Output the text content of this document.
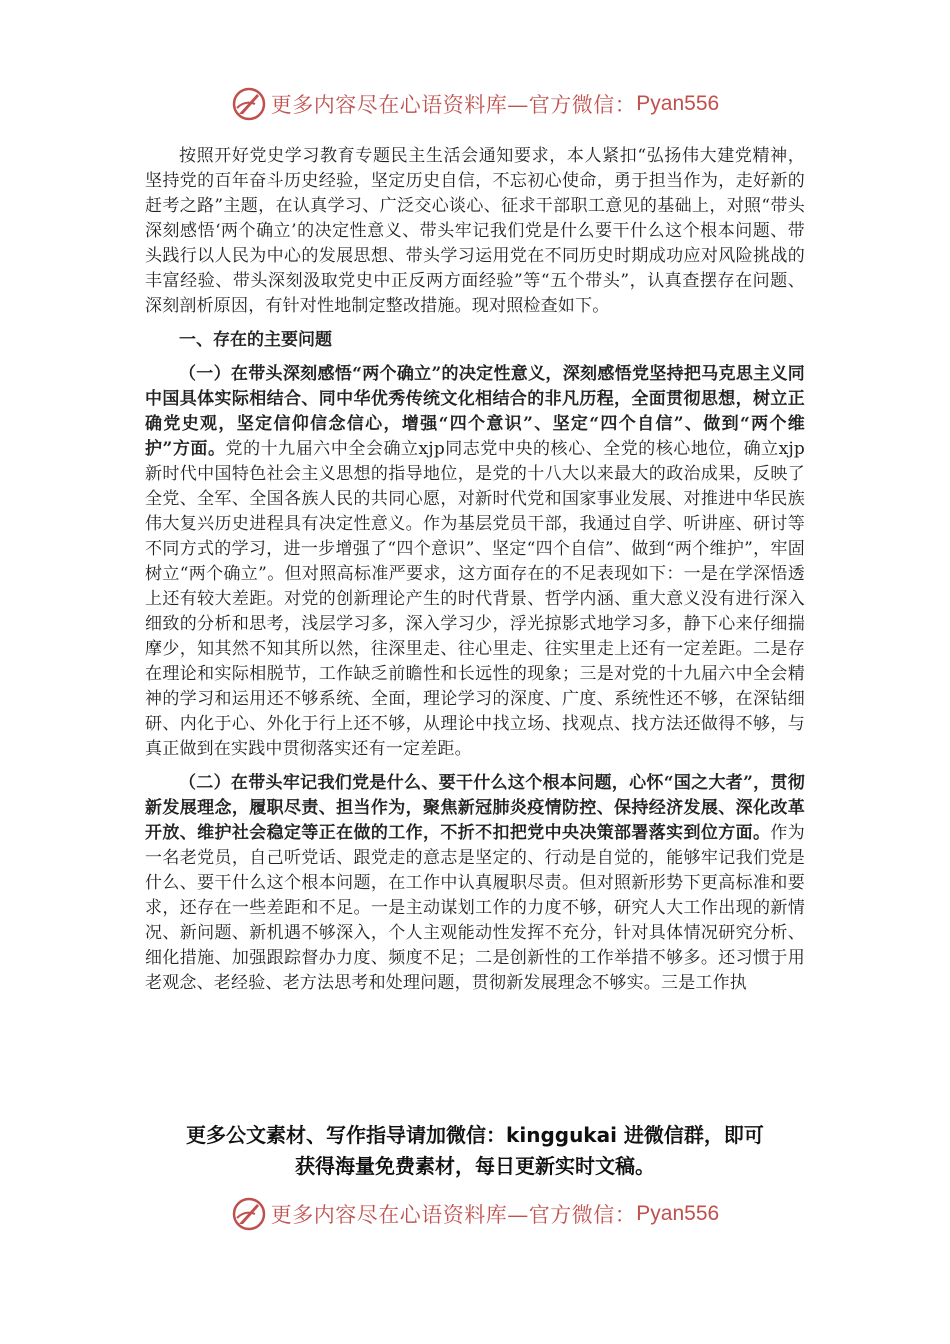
更多内容尽在心语资料库—官方微信： Pyan556

按照开好党史学习教育专题民主生活会通知要求，本人紧扣“弘扬伟大建党精神，坚持党的百年奋斗历史经验，坚定历史自信，不忘初心使命，勇于担当作为，走好新的赶考之路”主题，在认真学习、广泛交心谈心、征求干部职工意见的基础上，对照“带头深刻感悟‘两个确立’的决定性意义、带头牢记我们党是什么要干什么这个根本问题、带头践行以人民为中心的发展思想、带头学习运用党在不同历史时期成功应对风险挑战的丰富经验、带头深刻汲取党史中正反两方面经验”等“五个带头”，认真查摆存在问题、深刻剖析原因，有针对性地制定整改措施。现对照检查如下。

一、存在的主要问题

（一）在带头深刻感悟“两个确立”的决定性意义，深刻感悟党坚持把马克思主义同中国具体实际相结合、同中华优秀传统文化相结合的非凡历程，全面贯彻思想，树立正确党史观，坚定信仰信念信心，增强“四个意识”、坚定“四个自信”、做到“两个维护”方面。党的十九届六中全会确立xjp同志党中央的核心、全党的核心地位，确立xjp新时代中国特色社会主义思想的指导地位，是党的十八大以来最大的政治成果，反映了全党、全军、全国各族人民的共同心愿，对新时代党和国家事业发展、对推进中华民族伟大复兴历史进程具有决定性意义。作为基层党员干部，我通过自学、听讲座、研讨等不同方式的学习，进一步增强了“四个意识”、坚定“四个自信”、做到“两个维护”，牢固树立“两个确立”。但对照高标准严要求，这方面存在的不足表现如下：一是在学深悟透上还有较大差距。对党的创新理论产生的时代背景、哲学内涵、重大意义没有进行深入细致的分析和思考，浅层学习多，深入学习少，浮光掠影式地学习多，静下心来仔细揣摩少，知其然不知其所以然，往深里走、往心里走、往实里走上还有一定差距。二是存在理论和实际相脱节，工作缺乏前瞻性和长远性的现象；三是对党的十九届六中全会精神的学习和运用还不够系统、全面，理论学习的深度、广度、系统性还不够，在深钻细研、内化于心、外化于行上还不够，从理论中找立场、找观点、找方法还做得不够，与真正做到在实践中贯彻落实还有一定差距。

（二）在带头牢记我们党是什么、要干什么这个根本问题，心怀“国之大者”，贯彻新发展理念，履职尽责、担当作为，聚焦新冠肺炎疫情防控、保持经济发展、深化改革开放、维护社会稳定等正在做的工作，不折不扣把党中央决策部署落实到位方面。作为一名老党员，自己听党话、跟党走的意志是坚定的、行动是自觉的，能够牢记我们党是什么、要干什么这个根本问题，在工作中认真履职尽责。但对照新形势下更高标准和要求，还存在一些差距和不足。一是主动谋划工作的力度不够，研究人大工作出现的新情况、新问题、新机遇不够深入，个人主观能动性发挥不充分，针对具体情况研究分析、细化措施、加强跟踪督办力度、频度不足；二是创新性的工作举措不够多。还习惯于用老观念、老经验、老方法思考和处理问题，贯彻新发展理念不够实。三是工作执

更多公文素材、写作指导请加微信：kinggukai 进微信群，即可
获得海量免费素材，每日更新实时文稿。
更多内容尽在心语资料库—官方微信： Pyan556
